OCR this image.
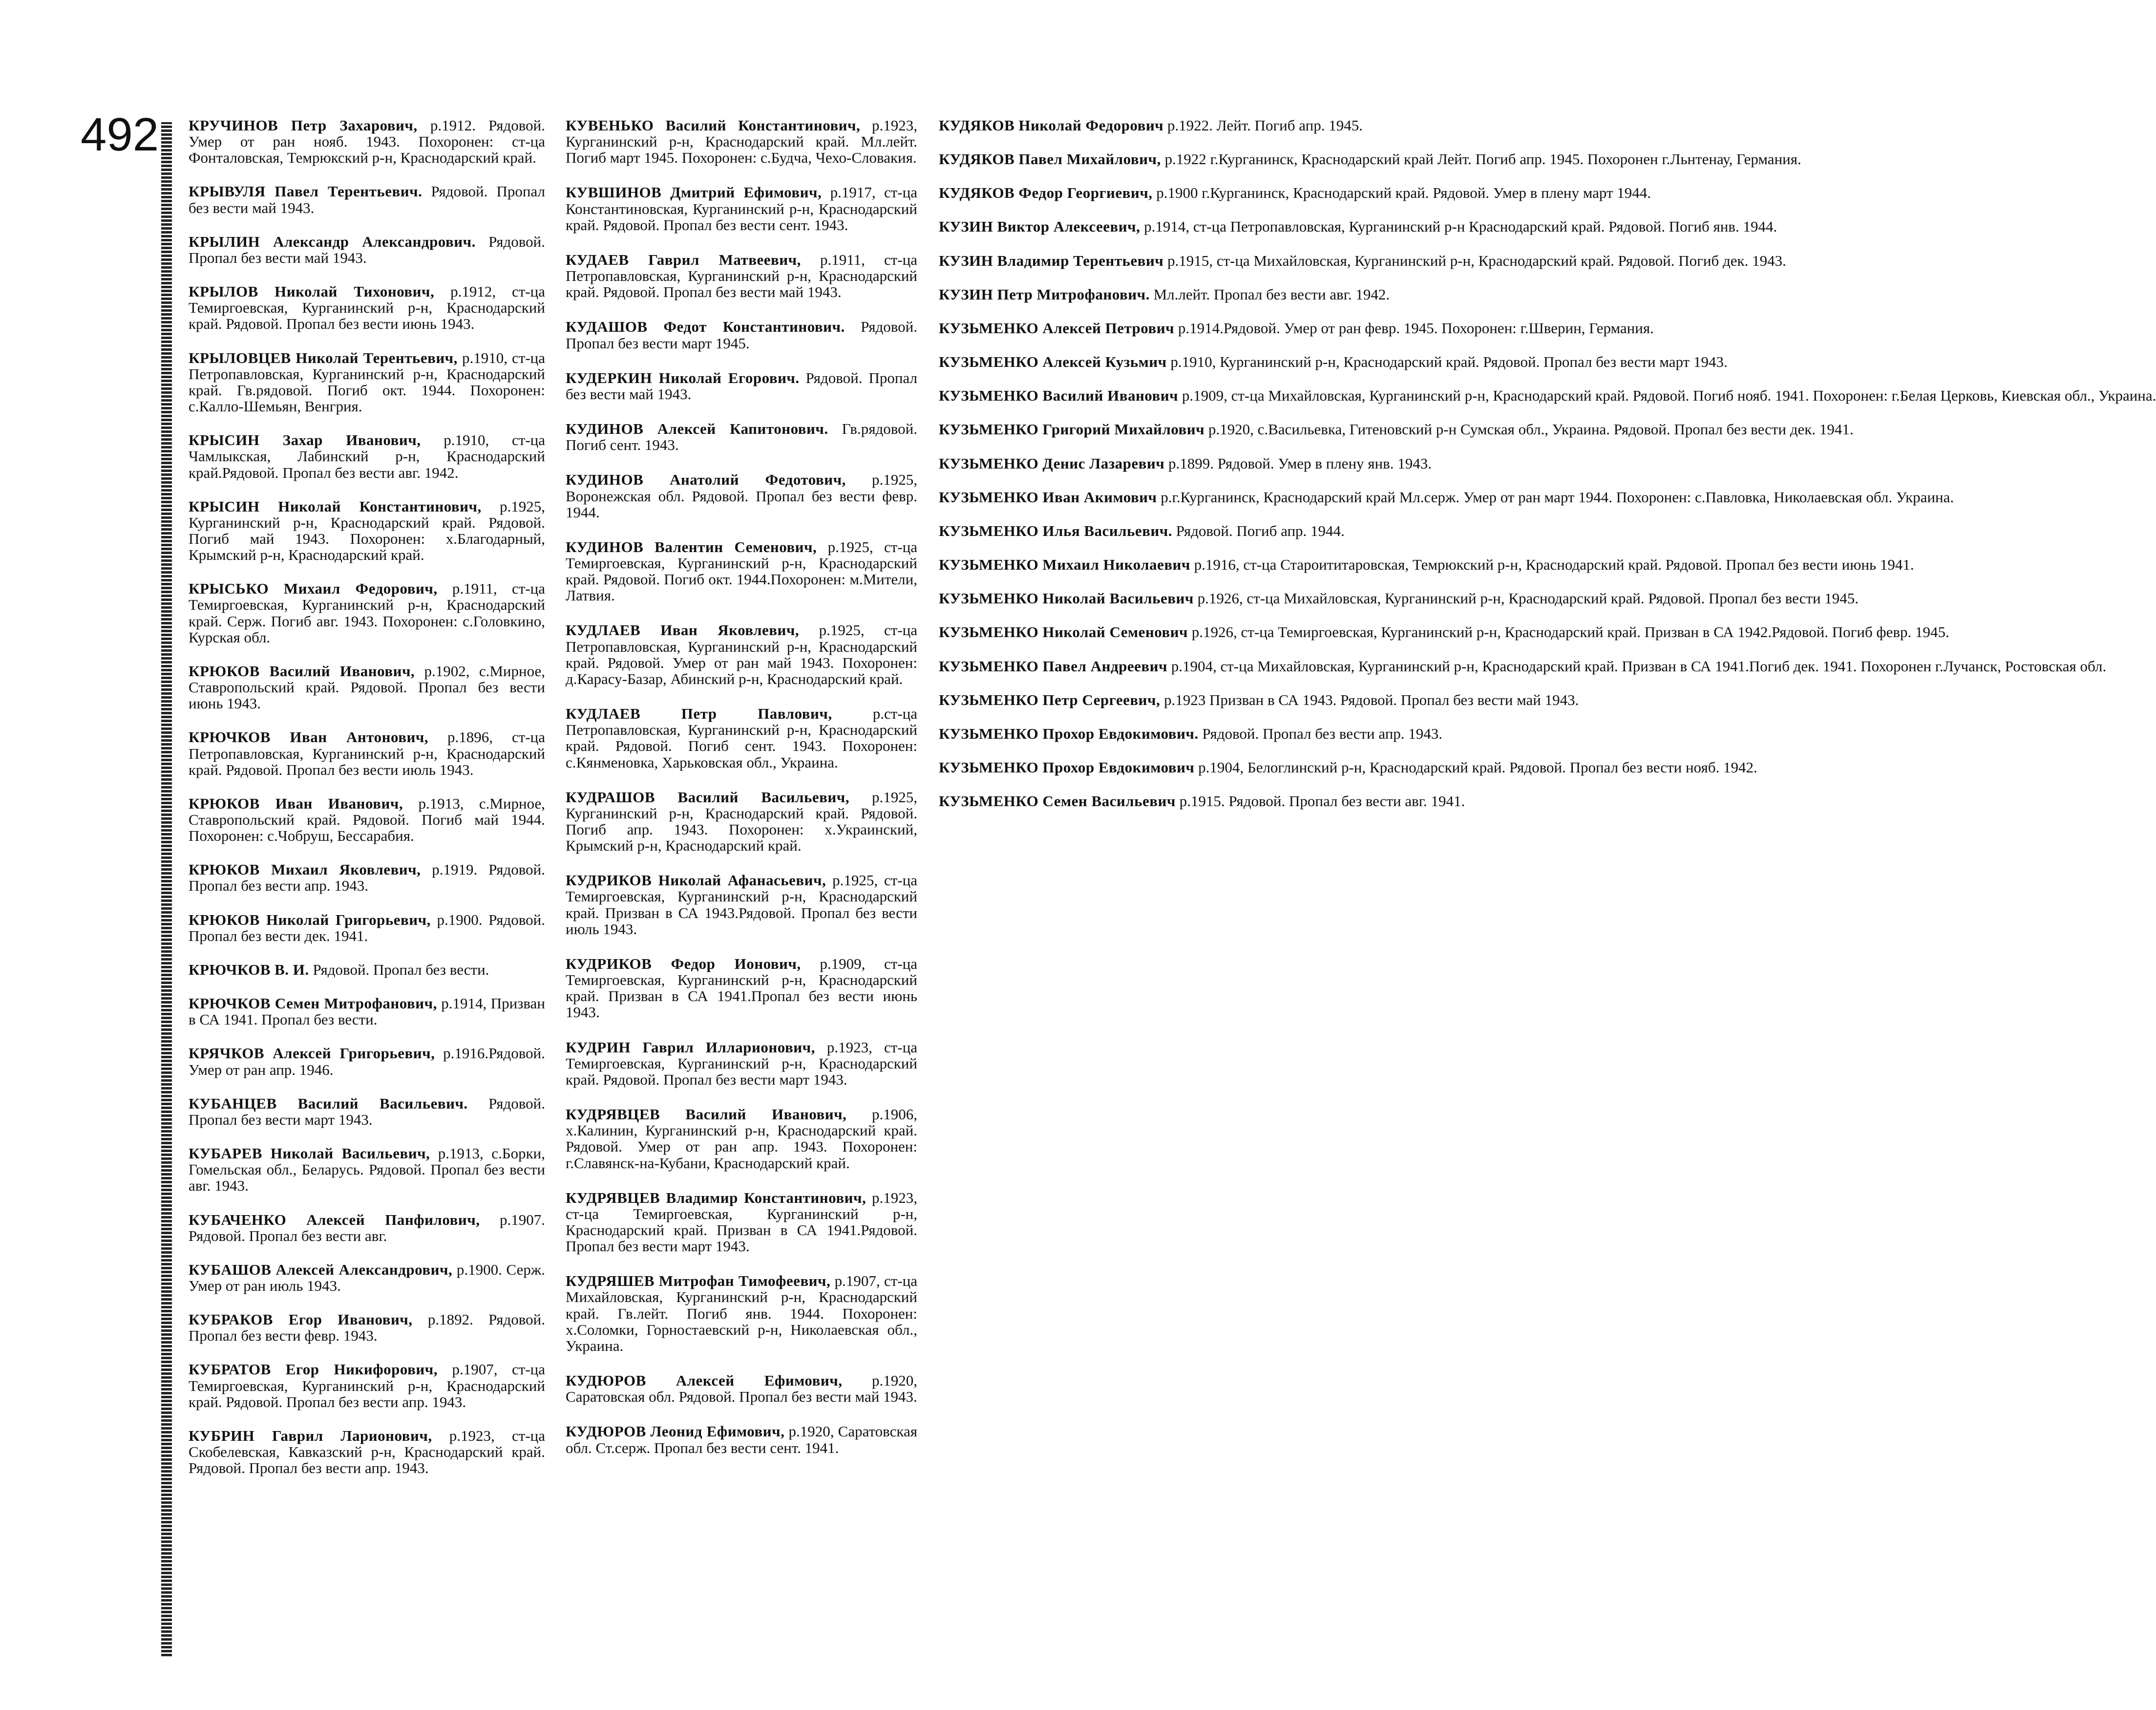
492 КРУЧИНОВ Петр Захарович, р.1912. Рядовой. Умер от ран нояб. 1943. Похоронен: ст-ца Фонталовская, Темрюкский р-н, Краснодарский край.

КРЫВУЛЯ Павел Терентьевич. Рядовой. Пропал без вести май 1943.

КРЫЛИН Александр Александрович. Рядовой. Пропал без вести май 1943.

КРЫЛОВ Николай Тихонович, р.1912, ст-ца Темиргоевская, Курганинский р-н, Краснодарский край. Рядовой. Пропал без вести июнь 1943.

КРЫЛОВЦЕВ Николай Терентьевич, р.1910, ст-ца Петропавловская, Курганинский р-н, Краснодарский край. Гв.рядовой. Погиб окт. 1944. Похоронен: с.Калло-Шемьян, Венгрия.

КРЫСИН Захар Иванович, р.1910, ст-ца Чамлыкская, Лабинский р-н, Краснодарский край.Рядовой. Пропал без вести авг. 1942.

КРЫСИН Николай Константинович, р.1925, Курганинский р-н, Краснодарский край. Рядовой. Погиб май 1943. Похоронен: х.Благодарный, Крымский р-н, Краснодарский край.

КРЫСЬКО Михаил Федорович, р.1911, ст-ца Темиргоевская, Курганинский р-н, Краснодарский край. Серж. Погиб авг. 1943. Похоронен: с.Головкино, Курская обл.

КРЮКОВ Василий Иванович, р.1902, с.Мирное, Ставропольский край. Рядовой. Пропал без вести июнь 1943.

КРЮЧКОВ Иван Антонович, р.1896, ст-ца Петропавловская, Курганинский р-н, Краснодарский край. Рядовой. Пропал без вести июль 1943.

КРЮКОВ Иван Иванович, р.1913, с.Мирное, Ставропольский край. Рядовой. Погиб май 1944. Похоронен: с.Чобруш, Бессарабия.

КРЮКОВ Михаил Яковлевич, р.1919. Рядовой. Пропал без вести апр. 1943.

КРЮКОВ Николай Григорьевич, р.1900. Рядовой. Пропал без вести дек. 1941.

КРЮЧКОВ В. И. Рядовой. Пропал без вести.

КРЮЧКОВ Семен Митрофанович, р.1914, Призван в СА 1941. Пропал без вести.

КРЯЧКОВ Алексей Григорьевич, р.1916.Рядовой. Умер от ран апр. 1946.

КУБАНЦЕВ Василий Васильевич. Рядовой. Пропал без вести март 1943.

КУБАРЕВ Николай Васильевич, р.1913, с.Борки, Гомельская обл., Беларусь. Рядовой. Пропал без вести авг. 1943.

КУБАЧЕНКО Алексей Панфилович, р.1907. Рядовой. Пропал без вести авг.

КУБАШОВ Алексей Александрович, р.1900. Серж. Умер от ран июль 1943.

КУБРАКОВ Егор Иванович, р.1892. Рядовой. Пропал без вести февр. 1943.

КУБРАТОВ Егор Никифорович, р.1907, ст-ца Темиргоевская, Курганинский р-н, Краснодарский край. Рядовой. Пропал без вести апр. 1943.

КУБРИН Гаврил Ларионович, р.1923, ст-ца Скобелевская, Кавказский р-н, Краснодарский край. Рядовой. Пропал без вести апр. 1943.

КУВЕНЬКО Василий Константинович, р.1923, Курганинский р-н, Краснодарский край. Мл.лейт. Погиб март 1945. Похоронен: с.Будча, Чехо-Словакия.

КУВШИНОВ Дмитрий Ефимович, р.1917, ст-ца Константиновская, Курганинский р-н, Краснодарский край. Рядовой. Пропал без вести сент. 1943.

КУДАЕВ Гаврил Матвеевич, р.1911, ст-ца Петропавловская, Курганинский р-н, Краснодарский край. Рядовой. Пропал без вести май 1943.

КУДАШОВ Федот Константинович. Рядовой. Пропал без вести март 1945.

КУДЕРКИН Николай Егорович. Рядовой. Пропал без вести май 1943.

КУДИНОВ Алексей Капитонович. Гв.рядовой. Погиб сент. 1943.

КУДИНОВ Анатолий Федотович, р.1925, Воронежская обл. Рядовой. Пропал без вести февр. 1944.

КУДИНОВ Валентин Семенович, р.1925, ст-ца Темиргоевская, Курганинский р-н, Краснодарский край. Рядовой. Погиб окт. 1944.Похоронен: м.Мители, Латвия.

КУДЛАЕВ Иван Яковлевич, р.1925, ст-ца Петропавловская, Курганинский р-н, Краснодарский край. Рядовой. Умер от ран май 1943. Похоронен: д.Карасу-Базар, Абинский р-н, Краснодарский край.

КУДЛАЕВ Петр Павлович, р.ст-ца Петропавловская, Курганинский р-н, Краснодарский край. Рядовой. Погиб сент. 1943. Похоронен: с.Кянменовка, Харьковская обл., Украина.

КУДРАШОВ Василий Васильевич, р.1925, Курганинский р-н, Краснодарский край. Рядовой. Погиб апр. 1943. Похоронен: х.Украинский, Крымский р-н, Краснодарский край.

КУДРИКОВ Николай Афанасьевич, р.1925, ст-ца Темиргоевская, Курганинский р-н, Краснодарский край. Призван в СА 1943.Рядовой. Пропал без вести июль 1943.

КУДРИКОВ Федор Ионович, р.1909, ст-ца Темиргоевская, Курганинский р-н, Краснодарский край. Призван в СА 1941.Пропал без вести июнь 1943.

КУДРИН Гаврил Илларионович, р.1923, ст-ца Темиргоевская, Курганинский р-н, Краснодарский край. Рядовой. Пропал без вести март 1943.

КУДРЯВЦЕВ Василий Иванович, р.1906, х.Калинин, Курганинский р-н, Краснодарский край. Рядовой. Умер от ран апр. 1943. Похоронен: г.Славянск-на-Кубани, Краснодарский край.

КУДРЯВЦЕВ Владимир Константинович, р.1923, ст-ца Темиргоевская, Курганинский р-н, Краснодарский край. Призван в СА 1941.Рядовой. Пропал без вести март 1943.

КУДРЯШЕВ Митрофан Тимофеевич, р.1907, ст-ца Михайловская, Курганинский р-н, Краснодарский край. Гв.лейт. Погиб янв. 1944. Похоронен: х.Соломки, Горностаевский р-н, Николаевская обл., Украина.

КУДЮРОВ Алексей Ефимович, р.1920, Саратовская обл. Рядовой. Пропал без вести май 1943.

КУДЮРОВ Леонид Ефимович, р.1920, Саратовская обл. Ст.серж. Пропал без вести сент. 1941.

КУДЯКОВ Николай Федорович р.1922. Лейт. Погиб апр. 1945.

КУДЯКОВ Павел Михайлович, р.1922 г.Курганинск, Краснодарский край Лейт. Погиб апр. 1945. Похоронен г.Льнтенау, Германия.

КУДЯКОВ Федор Георгиевич, р.1900 г.Курганинск, Краснодарский край. Рядовой. Умер в плену март 1944.

КУЗИН Виктор Алексеевич, р.1914, ст-ца Петропавловская, Курганинский р-н Краснодарский край. Рядовой. Погиб янв. 1944.

КУЗИН Владимир Терентьевич р.1915, ст-ца Михайловская, Курганинский р-н, Краснодарский край. Рядовой. Погиб дек. 1943.

КУЗИН Петр Митрофанович. Мл.лейт. Пропал без вести авг. 1942.

КУЗЬМЕНКО Алексей Петрович р.1914.Рядовой. Умер от ран февр. 1945. Похоронен: г.Шверин, Германия.

КУЗЬМЕНКО Алексей Кузьмич р.1910, Курганинский р-н, Краснодарский край. Рядовой. Пропал без вести март 1943.

КУЗЬМЕНКО Василий Иванович р.1909, ст-ца Михайловская, Курганинский р-н, Краснодарский край. Рядовой. Погиб нояб. 1941. Похоронен: г.Белая Церковь, Киевская обл., Украина.

КУЗЬМЕНКО Григорий Михайлович р.1920, с.Васильевка, Гитеновский р-н Сумская обл., Украина. Рядовой. Пропал без вести дек. 1941.

КУЗЬМЕНКО Денис Лазаревич р.1899. Рядовой. Умер в плену янв. 1943.

КУЗЬМЕНКО Иван Акимович р.г.Курганинск, Краснодарский край Мл.серж. Умер от ран март 1944. Похоронен: с.Павловка, Николаевская обл. Украина.

КУЗЬМЕНКО Илья Васильевич. Рядовой. Погиб апр. 1944.

КУЗЬМЕНКО Михаил Николаевич р.1916, ст-ца Староититаровская, Темрюкский р-н, Краснодарский край. Рядовой. Пропал без вести июнь 1941.

КУЗЬМЕНКО Николай Васильевич р.1926, ст-ца Михайловская, Курганинский р-н, Краснодарский край. Рядовой. Пропал без вести 1945.

КУЗЬМЕНКО Николай Семенович р.1926, ст-ца Темиргоевская, Курганинский р-н, Краснодарский край. Призван в СА 1942.Рядовой. Погиб февр. 1945.

КУЗЬМЕНКО Павел Андреевич р.1904, ст-ца Михайловская, Курганинский р-н, Краснодарский край. Призван в СА 1941.Погиб дек. 1941. Похоронен г.Лучанск, Ростовская обл.

КУЗЬМЕНКО Петр Сергеевич, р.1923 Призван в СА 1943. Рядовой. Пропал без вести май 1943.

КУЗЬМЕНКО Прохор Евдокимович. Рядовой. Пропал без вести апр. 1943.

КУЗЬМЕНКО Прохор Евдокимович р.1904, Белоглинский р-н, Краснодарский край. Рядовой. Пропал без вести нояб. 1942.

КУЗЬМЕНКО Семен Васильевич р.1915. Рядовой. Пропал без вести авг. 1941.
